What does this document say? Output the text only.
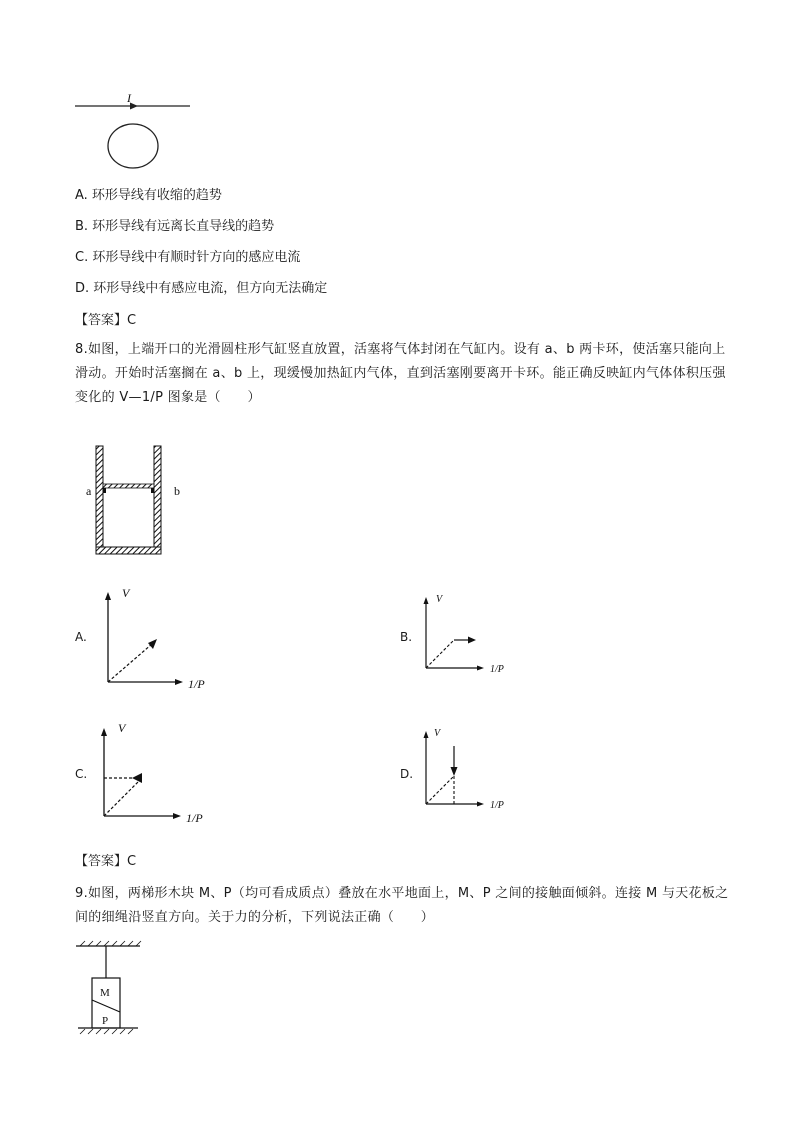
I
A. 环形导线有收缩的趋势
B. 环形导线有远离长直导线的趋势
C. 环形导线中有顺时针方向的感应电流
D. 环形导线中有感应电流，但方向无法确定
【答案】C
8.如图，上端开口的光滑圆柱形气缸竖直放置，活塞将气体封闭在气缸内。设有 a、b 两卡环，使活塞只能向上滑动。开始时活塞搁在 a、b 上，现缓慢加热缸内气体，直到活塞刚要离开卡环。能正确反映缸内气体体积压强变化的 V—1/P 图象是（　　）
a	b
A.
V
1/P
B.
V
1/P
C.
V
1/P
D.
V
1/P
【答案】C
9.如图，两梯形木块 M、P（均可看成质点）叠放在水平地面上，M、P 之间的接触面倾斜。连接 M 与天花板之间的细绳沿竖直方向。关于力的分析，下列说法正确（　　）
M
P
